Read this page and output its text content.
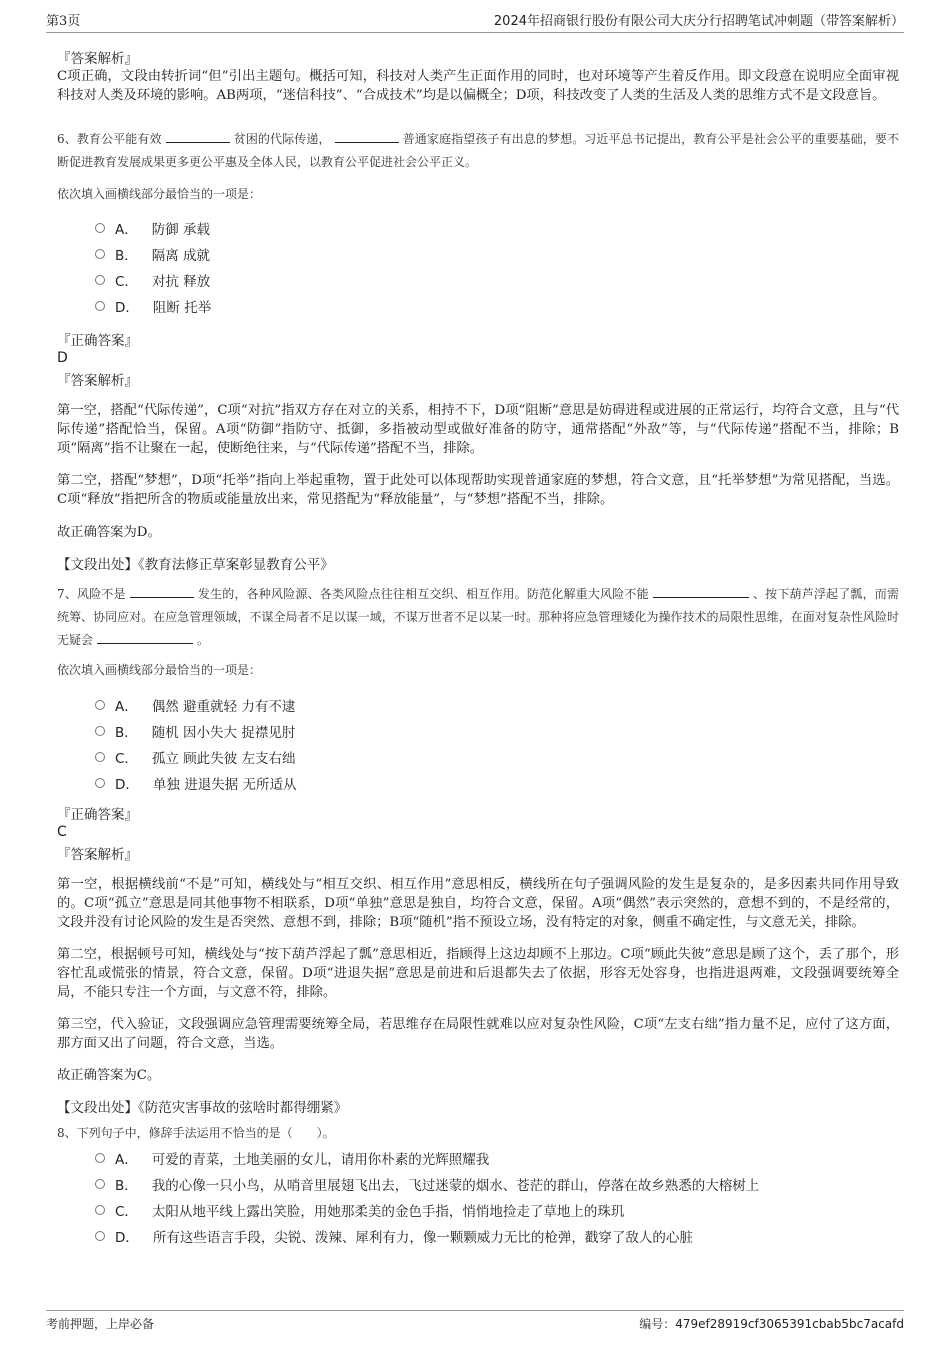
第3页	2024年招商银行股份有限公司大庆分行招聘笔试冲刺题（带答案解析）

『答案解析』

C项正确，文段由转折词“但”引出主题句。概括可知，科技对人类产生正面作用的同时，也对环境等产生着反作用。即文段意在说明应全面审视科技对人类及环境的影响。AB两项，“迷信科技”、“合成技术”均是以偏概全；D项，科技改变了人类的生活及人类的思维方式不是文段意旨。

6、教育公平能有效	贫困的代际传递，	普通家庭指望孩子有出息的梦想。习近平总书记提出，教育公平是社会公平的重要基础，要不断促进教育发展成果更多更公平惠及全体人民，以教育公平促进社会公平正义。

依次填入画横线部分最恰当的一项是：

A． 防御 承载
B． 隔离 成就
C． 对抗 释放
D． 阻断 托举

『正确答案』

D

『答案解析』

第一空，搭配“代际传递”，C项“对抗”指双方存在对立的关系，相持不下，D项“阻断”意思是妨碍进程或进展的正常运行，均符合文意，且与“代际传递”搭配恰当，保留。A项“防御”指防守、抵御，多指被动型或做好准备的防守，通常搭配“外敌”等，与“代际传递”搭配不当，排除；B项“隔离”指不让聚在一起，使断绝往来，与“代际传递”搭配不当，排除。

第二空，搭配“梦想”，D项“托举”指向上举起重物，置于此处可以体现帮助实现普通家庭的梦想，符合文意，且“托举梦想”为常见搭配，当选。C项“释放”指把所含的物质或能量放出来，常见搭配为“释放能量”，与“梦想”搭配不当，排除。

故正确答案为D。

【文段出处】《教育法修正草案彰显教育公平》

7、风险不是	发生的，各种风险源、各类风险点往往相互交织、相互作用。防范化解重大风险不能	、按下葫芦浮起了瓢，而需统筹、协同应对。在应急管理领域，不谋全局者不足以谋一域，不谋万世者不足以某一时。那种将应急管理矮化为操作技术的局限性思维，在面对复杂性风险时无疑会	。

依次填入画横线部分最恰当的一项是：

A． 偶然 避重就轻 力有不逮
B． 随机 因小失大 捉襟见肘
C． 孤立 顾此失彼 左支右绌
D． 单独 进退失据 无所适从

『正确答案』

C

『答案解析』

第一空，根据横线前“不是”可知，横线处与“相互交织、相互作用”意思相反，横线所在句子强调风险的发生是复杂的，是多因素共同作用导致的。C项“孤立”意思是同其他事物不相联系，D项“单独”意思是独自，均符合文意，保留。A项“偶然”表示突然的，意想不到的，不是经常的，文段并没有讨论风险的发生是否突然、意想不到，排除；B项“随机”指不预设立场，没有特定的对象，侧重不确定性，与文意无关，排除。

第二空，根据顿号可知，横线处与“按下葫芦浮起了瓢”意思相近，指顾得上这边却顾不上那边。C项“顾此失彼”意思是顾了这个，丢了那个，形容忙乱或慌张的情景，符合文意，保留。D项“进退失据”意思是前进和后退都失去了依据，形容无处容身，也指进退两难，文段强调要统筹全局，不能只专注一个方面，与文意不符，排除。

第三空，代入验证，文段强调应急管理需要统筹全局，若思维存在局限性就难以应对复杂性风险，C项“左支右绌”指力量不足，应付了这方面，那方面又出了问题，符合文意，当选。

故正确答案为C。

【文段出处】《防范灾害事故的弦啥时都得绷紧》

8、下列句子中，修辞手法运用不恰当的是（　　）。

A． 可爱的青菜，土地美丽的女儿，请用你朴素的光辉照耀我
B． 我的心像一只小鸟，从哨音里展翅飞出去，飞过迷蒙的烟水、苍茫的群山，停落在故乡熟悉的大榕树上
C． 太阳从地平线上露出笑脸，用她那柔美的金色手指，悄悄地捡走了草地上的珠玑
D． 所有这些语言手段，尖锐、泼辣、犀利有力，像一颗颗威力无比的枪弹，戳穿了敌人的心脏
考前押题，上岸必备	编号：479ef28919cf3065391cbab5bc7acafd
